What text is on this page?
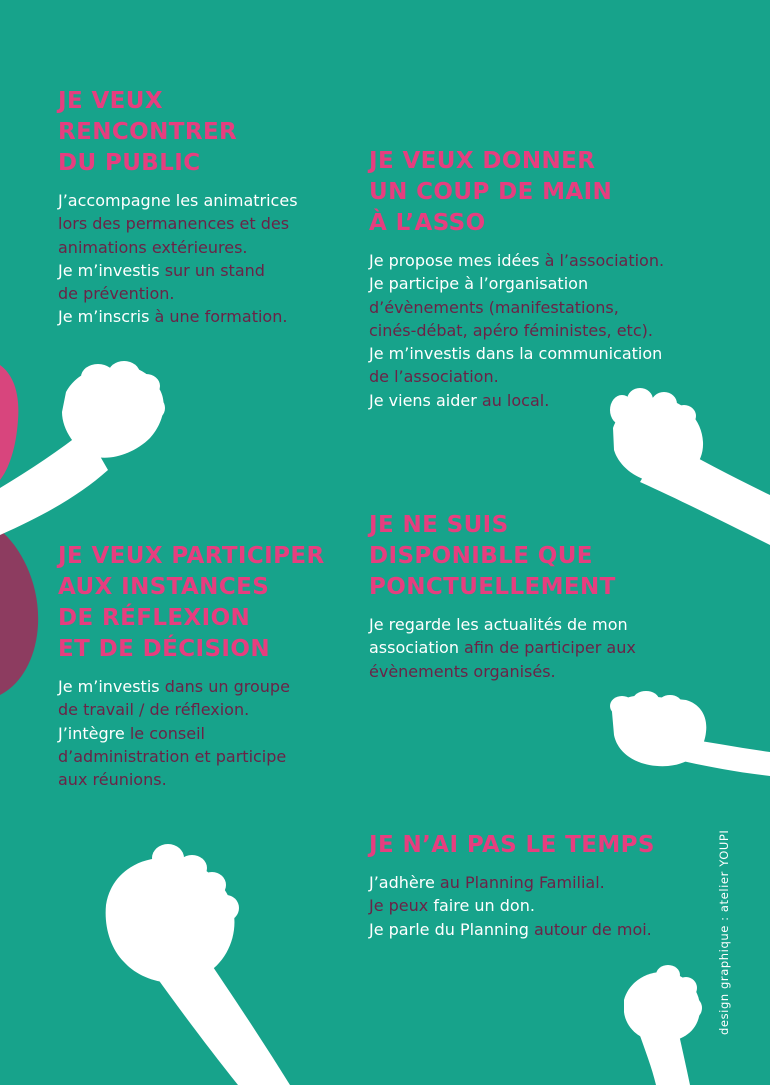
JE VEUX
RENCONTRER
DU PUBLIC

J’accompagne les animatrices

lors des permanences et des

animations extérieures.

Je m’investis sur un stand

de prévention.

Je m’inscris à une formation.

JE VEUX DONNER
UN COUP DE MAIN
À L’ASSO

Je propose mes idées à l’association.

Je participe à l’organisation

d’évènements (manifestations,

cinés-débat, apéro féministes, etc).

Je m’investis dans la communication

de l’association.

Je viens aider au local.

JE VEUX PARTICIPER
AUX INSTANCES
DE RÉFLEXION
ET DE DÉCISION

Je m’investis dans un groupe

de travail / de réflexion.

J’intègre le conseil

d’administration et participe

aux réunions.

JE NE SUIS
DISPONIBLE QUE
PONCTUELLEMENT

Je regarde les actualités de mon

association afin de participer aux

évènements organisés.

JE N’AI PAS LE TEMPS

J’adhère au Planning Familial.

Je peux faire un don.

Je parle du Planning autour de moi.	design graphique : atelier YOUPI
